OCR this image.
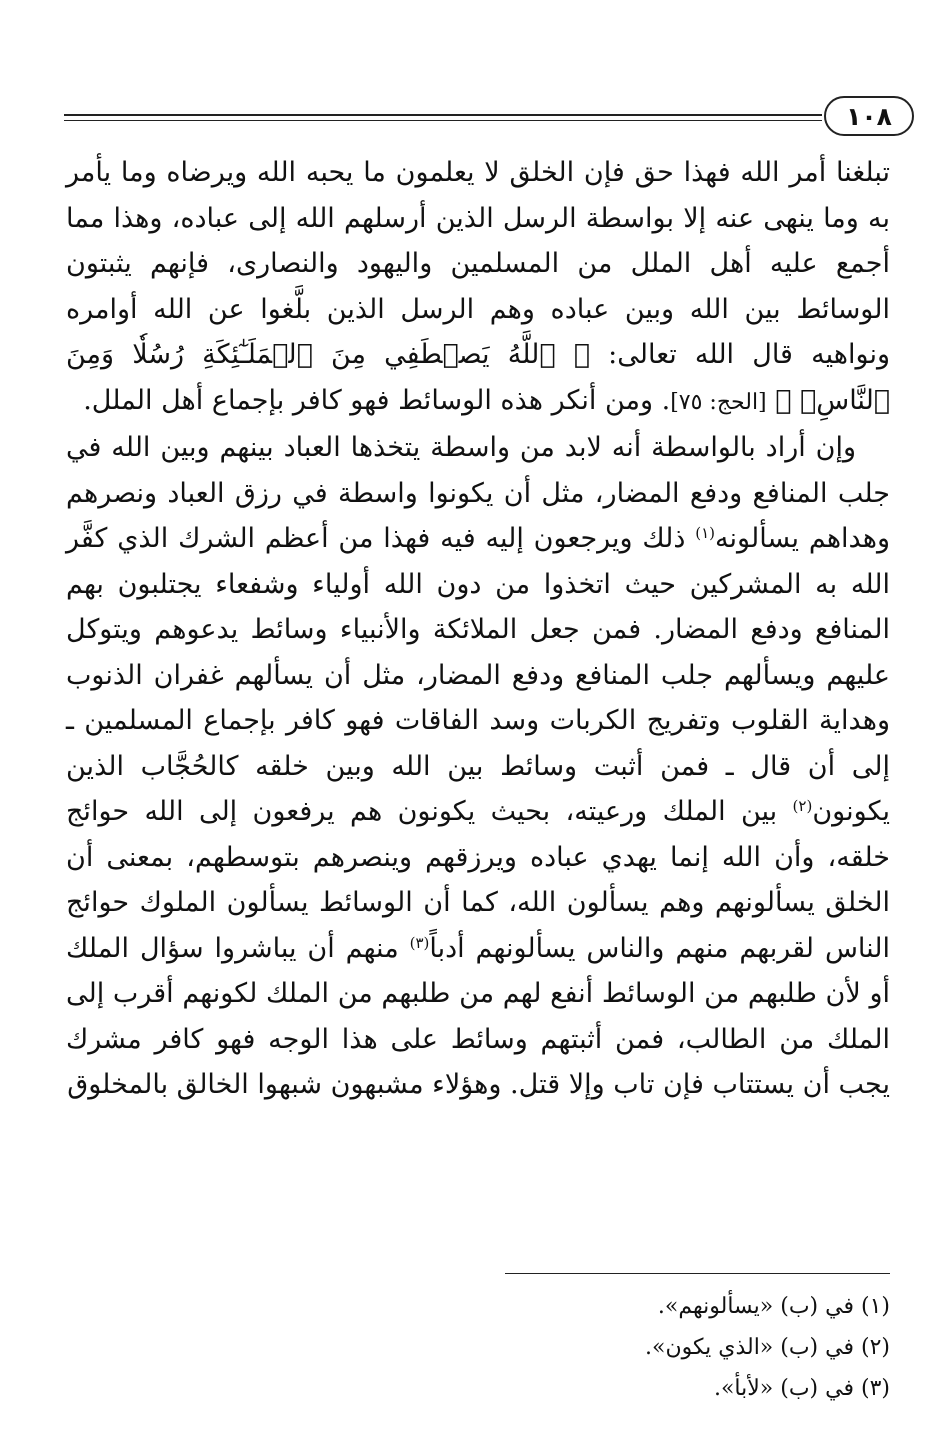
١٠٨

تبلغنا أمر الله فهذا حق فإن الخلق لا يعلمون ما يحبه الله ويرضاه وما يأمر به وما ينهى عنه إلا بواسطة الرسل الذين أرسلهم الله إلى عباده، وهذا مما أجمع عليه أهل الملل من المسلمين واليهود والنصارى، فإنهم يثبتون الوسائط بين الله وبين عباده وهم الرسل الذين بلَّغوا عن الله أوامره ونواهيه قال الله تعالى: ﴿ ٱللَّهُ يَصۡطَفِي مِنَ ٱلۡمَلَـٰٓئِكَةِ رُسُلٗا وَمِنَ ٱلنَّاسِۚ ﴾ [الحج: ٧٥]. ومن أنكر هذه الوسائط فهو كافر بإجماع أهل الملل.

وإن أراد بالواسطة أنه لابد من واسطة يتخذها العباد بينهم وبين الله في جلب المنافع ودفع المضار، مثل أن يكونوا واسطة في رزق العباد ونصرهم وهداهم يسألونه$^{(١)}$ ذلك ويرجعون إليه فيه فهذا من أعظم الشرك الذي كفَّر الله به المشركين حيث اتخذوا من دون الله أولياء وشفعاء يجتلبون بهم المنافع ودفع المضار. فمن جعل الملائكة والأنبياء وسائط يدعوهم ويتوكل عليهم ويسألهم جلب المنافع ودفع المضار، مثل أن يسألهم غفران الذنوب وهداية القلوب وتفريج الكربات وسد الفاقات فهو كافر بإجماع المسلمين ـ إلى أن قال ـ فمن أثبت وسائط بين الله وبين خلقه كالحُجَّاب الذين يكونون$^{(٢)}$ بين الملك ورعيته، بحيث يكونون هم يرفعون إلى الله حوائج خلقه، وأن الله إنما يهدي عباده ويرزقهم وينصرهم بتوسطهم، بمعنى أن الخلق يسألونهم وهم يسألون الله، كما أن الوسائط يسألون الملوك حوائج الناس لقربهم منهم والناس يسألونهم أدباً$^{(٣)}$ منهم أن يباشروا سؤال الملك أو لأن طلبهم من الوسائط أنفع لهم من طلبهم من الملك لكونهم أقرب إلى الملك من الطالب، فمن أثبتهم وسائط على هذا الوجه فهو كافر مشرك يجب أن يستتاب فإن تاب وإلا قتل. وهؤلاء مشبهون شبهوا الخالق بالمخلوق

(١) في (ب) «يسألونهم».

(٢) في (ب) «الذي يكون».

(٣) في (ب) «لأبأ».
